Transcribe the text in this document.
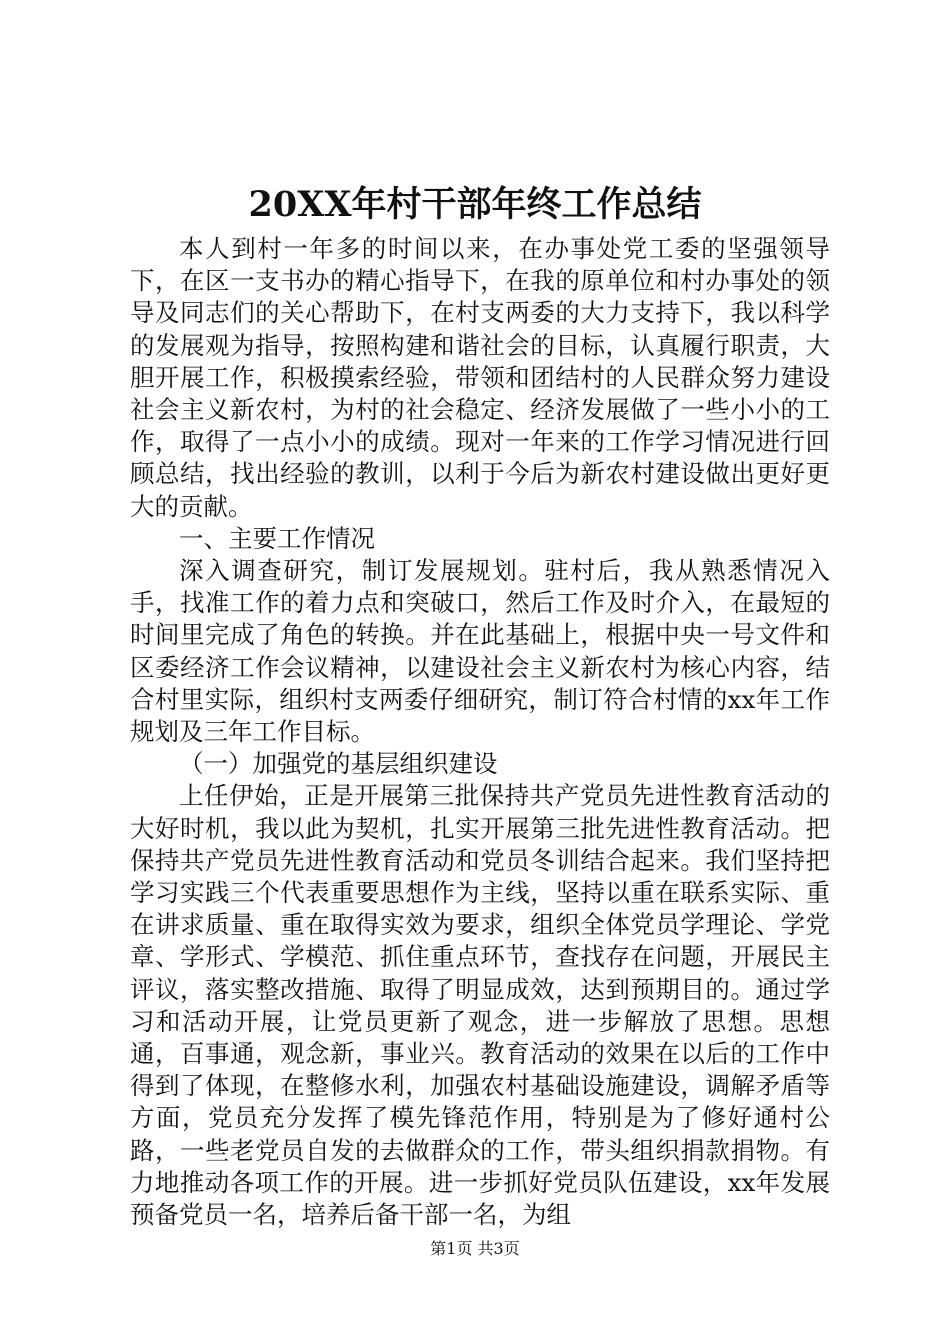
20XX年村干部年终工作总结

本人到村一年多的时间以来，在办事处党工委的坚强领导下，在区一支书办的精心指导下，在我的原单位和村办事处的领导及同志们的关心帮助下，在村支两委的大力支持下，我以科学的发展观为指导，按照构建和谐社会的目标，认真履行职责，大胆开展工作，积极摸索经验，带领和团结村的人民群众努力建设社会主义新农村，为村的社会稳定、经济发展做了一些小小的工作，取得了一点小小的成绩。现对一年来的工作学习情况进行回顾总结，找出经验的教训，以利于今后为新农村建设做出更好更大的贡献。

一、主要工作情况

深入调查研究，制订发展规划。驻村后，我从熟悉情况入手，找准工作的着力点和突破口，然后工作及时介入，在最短的时间里完成了角色的转换。并在此基础上，根据中央一号文件和区委经济工作会议精神，以建设社会主义新农村为核心内容，结合村里实际，组织村支两委仔细研究，制订符合村情的xx年工作规划及三年工作目标。

（一）加强党的基层组织建设

上任伊始，正是开展第三批保持共产党员先进性教育活动的大好时机，我以此为契机，扎实开展第三批先进性教育活动。把保持共产党员先进性教育活动和党员冬训结合起来。我们坚持把学习实践三个代表重要思想作为主线，坚持以重在联系实际、重在讲求质量、重在取得实效为要求，组织全体党员学理论、学党章、学形式、学模范、抓住重点环节，查找存在问题，开展民主评议，落实整改措施、取得了明显成效，达到预期目的。通过学习和活动开展，让党员更新了观念，进一步解放了思想。思想通，百事通，观念新，事业兴。教育活动的效果在以后的工作中得到了体现，在整修水利，加强农村基础设施建设，调解矛盾等方面，党员充分发挥了模先锋范作用，特别是为了修好通村公路，一些老党员自发的去做群众的工作，带头组织捐款捐物。有力地推动各项工作的开展。进一步抓好党员队伍建设，xx年发展预备党员一名，培养后备干部一名，为组

第1页 共3页
